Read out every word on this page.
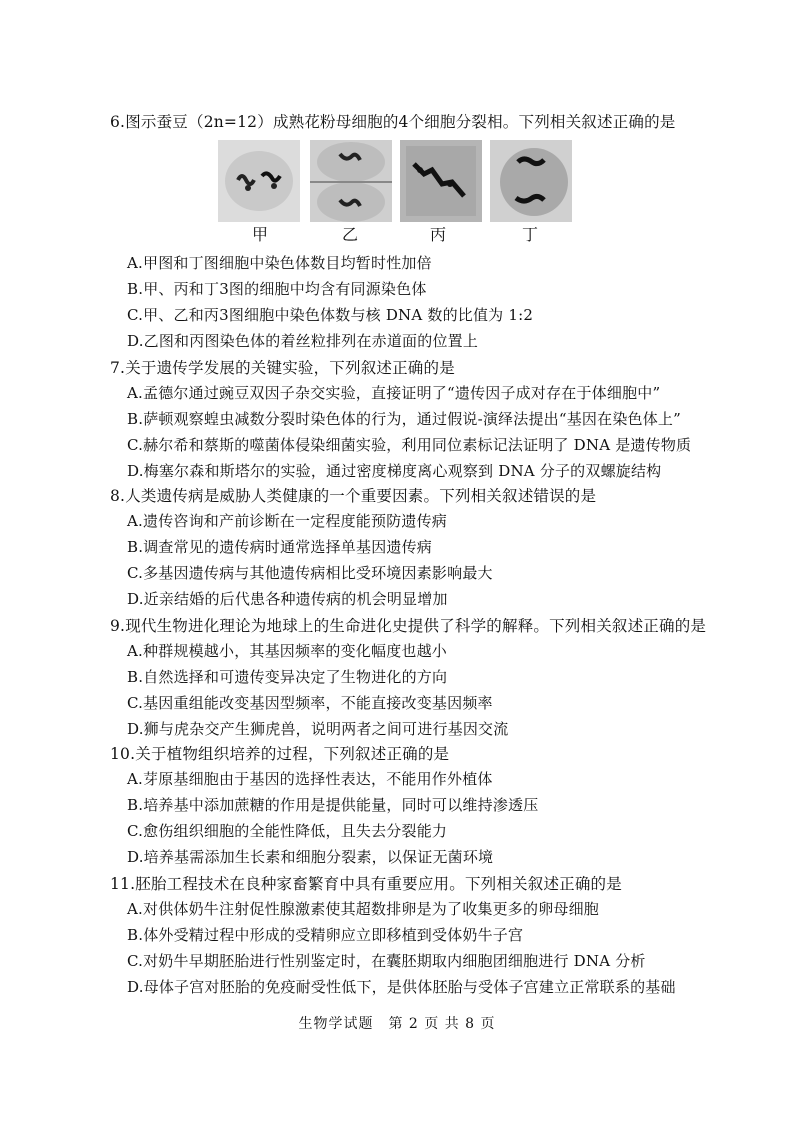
6.图示蚕豆（2n=12）成熟花粉母细胞的4个细胞分裂相。下列相关叙述正确的是
甲	乙	丙	丁
A.甲图和丁图细胞中染色体数目均暂时性加倍
B.甲、丙和丁3图的细胞中均含有同源染色体
C.甲、乙和丙3图细胞中染色体数与核 DNA 数的比值为 1:2
D.乙图和丙图染色体的着丝粒排列在赤道面的位置上
7.关于遗传学发展的关键实验，下列叙述正确的是
A.孟德尔通过豌豆双因子杂交实验，直接证明了“遗传因子成对存在于体细胞中”
B.萨顿观察蝗虫减数分裂时染色体的行为，通过假说-演绎法提出“基因在染色体上”
C.赫尔希和蔡斯的噬菌体侵染细菌实验，利用同位素标记法证明了 DNA 是遗传物质
D.梅塞尔森和斯塔尔的实验，通过密度梯度离心观察到 DNA 分子的双螺旋结构
8.人类遗传病是威胁人类健康的一个重要因素。下列相关叙述错误的是
A.遗传咨询和产前诊断在一定程度能预防遗传病
B.调查常见的遗传病时通常选择单基因遗传病
C.多基因遗传病与其他遗传病相比受环境因素影响最大
D.近亲结婚的后代患各种遗传病的机会明显增加
9.现代生物进化理论为地球上的生命进化史提供了科学的解释。下列相关叙述正确的是
A.种群规模越小，其基因频率的变化幅度也越小
B.自然选择和可遗传变异决定了生物进化的方向
C.基因重组能改变基因型频率，不能直接改变基因频率
D.狮与虎杂交产生狮虎兽，说明两者之间可进行基因交流
10.关于植物组织培养的过程，下列叙述正确的是
A.芽原基细胞由于基因的选择性表达，不能用作外植体
B.培养基中添加蔗糖的作用是提供能量，同时可以维持渗透压
C.愈伤组织细胞的全能性降低，且失去分裂能力
D.培养基需添加生长素和细胞分裂素，以保证无菌环境
11.胚胎工程技术在良种家畜繁育中具有重要应用。下列相关叙述正确的是
A.对供体奶牛注射促性腺激素使其超数排卵是为了收集更多的卵母细胞
B.体外受精过程中形成的受精卵应立即移植到受体奶牛子宫
C.对奶牛早期胚胎进行性别鉴定时，在囊胚期取内细胞团细胞进行 DNA 分析
D.母体子宫对胚胎的免疫耐受性低下，是供体胚胎与受体子宫建立正常联系的基础
生物学试题　第 2 页 共 8 页
